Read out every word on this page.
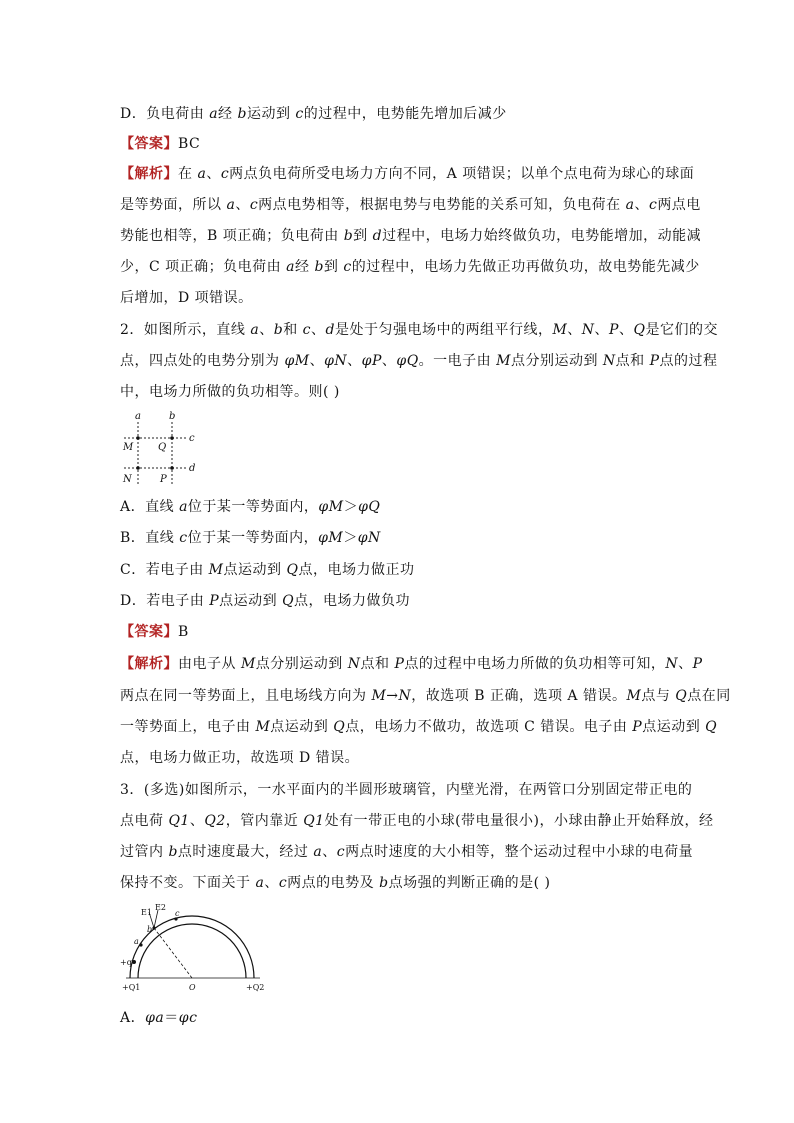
D．负电荷由 a经 b运动到 c的过程中，电势能先增加后减少
【答案】BC
【解析】在 a、c两点负电荷所受电场力方向不同，A 项错误；以单个点电荷为球心的球面
是等势面，所以 a、c两点电势相等，根据电势与电势能的关系可知，负电荷在 a、c两点电
势能也相等，B 项正确；负电荷由 b到 d过程中，电场力始终做负功，电势能增加，动能减
少，C 项正确；负电荷由 a经 b到 c的过程中，电场力先做正功再做负功，故电势能先减少
后增加，D 项错误。
2．如图所示，直线 a、b和 c、d是处于匀强电场中的两组平行线，M、N、P、Q是它们的交
点，四点处的电势分别为 φM、φN、φP、φQ。一电子由 M点分别运动到 N点和 P点的过程
中，电场力所做的负功相等。则( )
a	b
c
d
M Q
N	P
A．直线 a位于某一等势面内，φM＞φQ
B．直线 c位于某一等势面内，φM＞φN
C．若电子由 M点运动到 Q点，电场力做正功
D．若电子由 P点运动到 Q点，电场力做负功
【答案】B
【解析】由电子从 M点分别运动到 N点和 P点的过程中电场力所做的负功相等可知，N、P
两点在同一等势面上，且电场线方向为 M→N，故选项 B 正确，选项 A 错误。M点与 Q点在同
一等势面上，电子由 M点运动到 Q点，电场力不做功，故选项 C 错误。电子由 P点运动到 Q
点，电场力做正功，故选项 D 错误。
3．(多选)如图所示，一水平面内的半圆形玻璃管，内壁光滑，在两管口分别固定带正电的
点电荷 Q1、Q2，管内靠近 Q1处有一带正电的小球(带电量很小)，小球由静止开始释放，经
过管内 b点时速度最大，经过 a、c两点时速度的大小相等，整个运动过程中小球的电荷量
保持不变。下面关于 a、c两点的电势及 b点场强的判断正确的是( )
E1
E2
a
b
c
+q
O
+Q1	+Q2
A．φa＝φc
